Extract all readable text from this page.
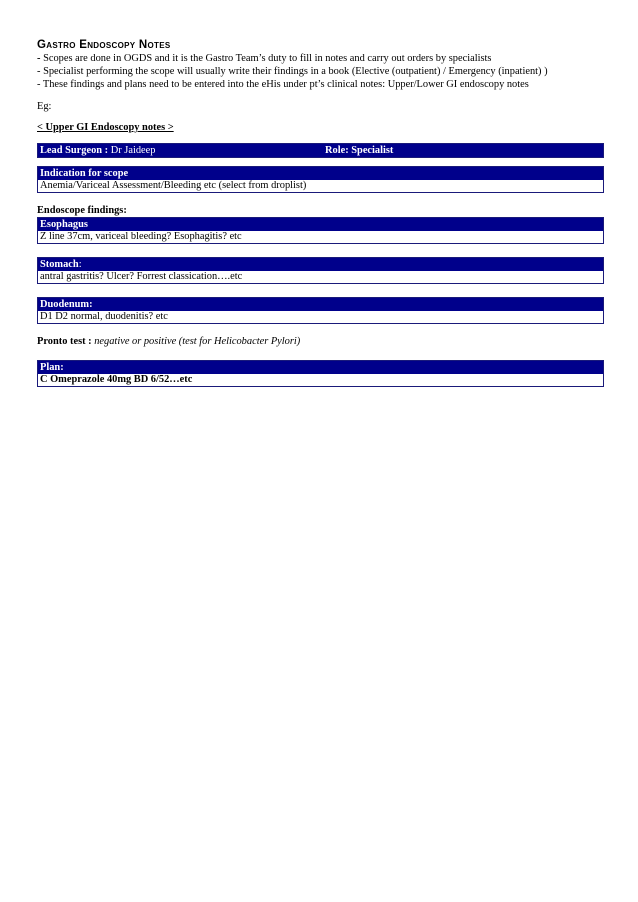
Gastro Endoscopy Notes
- Scopes are done in OGDS and it is the Gastro Team’s duty to fill in notes and carry out orders by specialists
- Specialist performing the scope will usually write their findings in a book (Elective (outpatient) / Emergency (inpatient) )
- These findings and plans need to be entered into the eHis under pt’s clinical notes: Upper/Lower GI endoscopy notes
Eg:
< Upper GI Endoscopy notes >
Lead Surgeon : Dr Jaideep	Role: Specialist
Indication for scope
Anemia/Variceal Assessment/Bleeding etc (select from droplist)
Endoscope findings:
Esophagus
Z line 37cm, variceal bleeding? Esophagitis? etc
Stomach:
antral gastritis? Ulcer? Forrest classication….etc
Duodenum:
D1 D2 normal, duodenitis? etc
Pronto test : negative or positive (test for Helicobacter Pylori)
Plan:
C Omeprazole 40mg BD 6/52…etc
